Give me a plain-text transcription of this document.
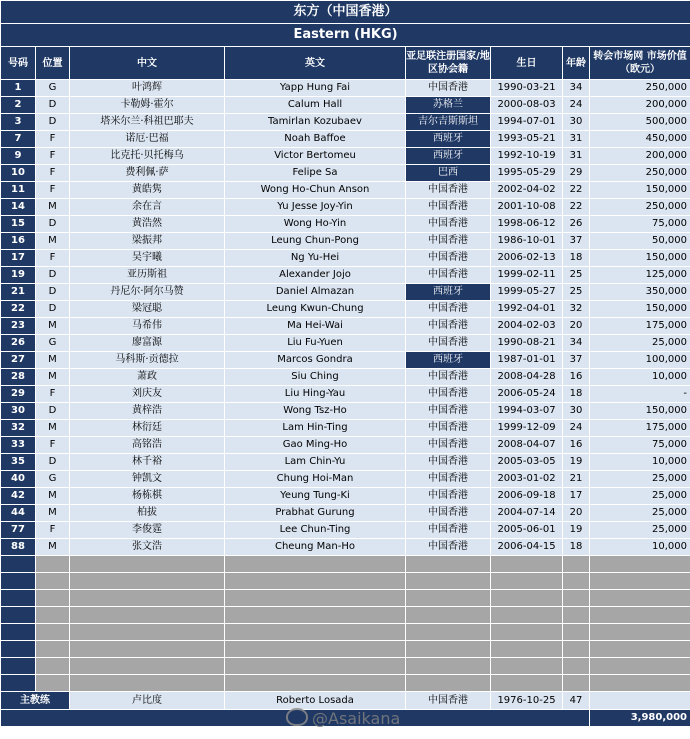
东方（中国香港）							
Eastern (HKG)							
号码	位置	中文	英文	亚足联注册国家/地区协会籍	生日	年龄	转会市场网 市场价值（欧元）
1	G	叶鸿辉	Yapp Hung Fai	中国香港	1990-03-21	34	250,000
2	D	卡勒姆·霍尔	Calum Hall	苏格兰	2000-08-03	24	200,000
3	D	塔米尔兰·科祖巴耶夫	Tamirlan Kozubaev	吉尔吉斯斯坦	1994-07-01	30	500,000
7	F	诺厄·巴福	Noah Baffoe	西班牙	1993-05-21	31	450,000
9	F	比克托·贝托梅乌	Victor Bertomeu	西班牙	1992-10-19	31	200,000
10	F	费利佩·萨	Felipe Sa	巴西	1995-05-29	29	250,000
11	F	黄皓隽	Wong Ho-Chun Anson	中国香港	2002-04-02	22	150,000
14	M	余在言	Yu Jesse Joy-Yin	中国香港	2001-10-08	22	250,000
15	D	黄浩然	Wong Ho-Yin	中国香港	1998-06-12	26	75,000
16	M	梁振邦	Leung Chun-Pong	中国香港	1986-10-01	37	50,000
17	F	吴宇曦	Ng Yu-Hei	中国香港	2006-02-13	18	150,000
19	D	亚历斯祖	Alexander Jojo	中国香港	1999-02-11	25	125,000
21	D	丹尼尔·阿尔马赞	Daniel Almazan	西班牙	1999-05-27	25	350,000
22	D	梁冠聪	Leung Kwun-Chung	中国香港	1992-04-01	32	150,000
23	M	马希伟	Ma Hei-Wai	中国香港	2004-02-03	20	175,000
26	G	廖富源	Liu Fu-Yuen	中国香港	1990-08-21	34	25,000
27	M	马科斯·贡德拉	Marcos Gondra	西班牙	1987-01-01	37	100,000
28	M	萧政	Siu Ching	中国香港	2008-04-28	16	10,000
29	F	刘庆友	Liu Hing-Yau	中国香港	2006-05-24	18	-
30	D	黄梓浩	Wong Tsz-Ho	中国香港	1994-03-07	30	150,000
32	M	林衍廷	Lam Hin-Ting	中国香港	1999-12-09	24	175,000
33	F	高铭浩	Gao Ming-Ho	中国香港	2008-04-07	16	75,000
35	D	林千裕	Lam Chin-Yu	中国香港	2005-03-05	19	10,000
40	G	钟凯文	Chung Hoi-Man	中国香港	2003-01-02	21	25,000
42	M	杨栋棋	Yeung Tung-Ki	中国香港	2006-09-18	17	25,000
44	M	柏拔	Prabhat Gurung	中国香港	2004-07-14	20	25,000
77	F	李俊霆	Lee Chun-Ting	中国香港	2005-06-01	19	25,000
88	M	张文浩	Cheung Man-Ho	中国香港	2006-04-15	18	10,000

主教练		卢比度	Roberto Losada	中国香港	1976-10-25	47	
							3,980,000
@Asaikana
